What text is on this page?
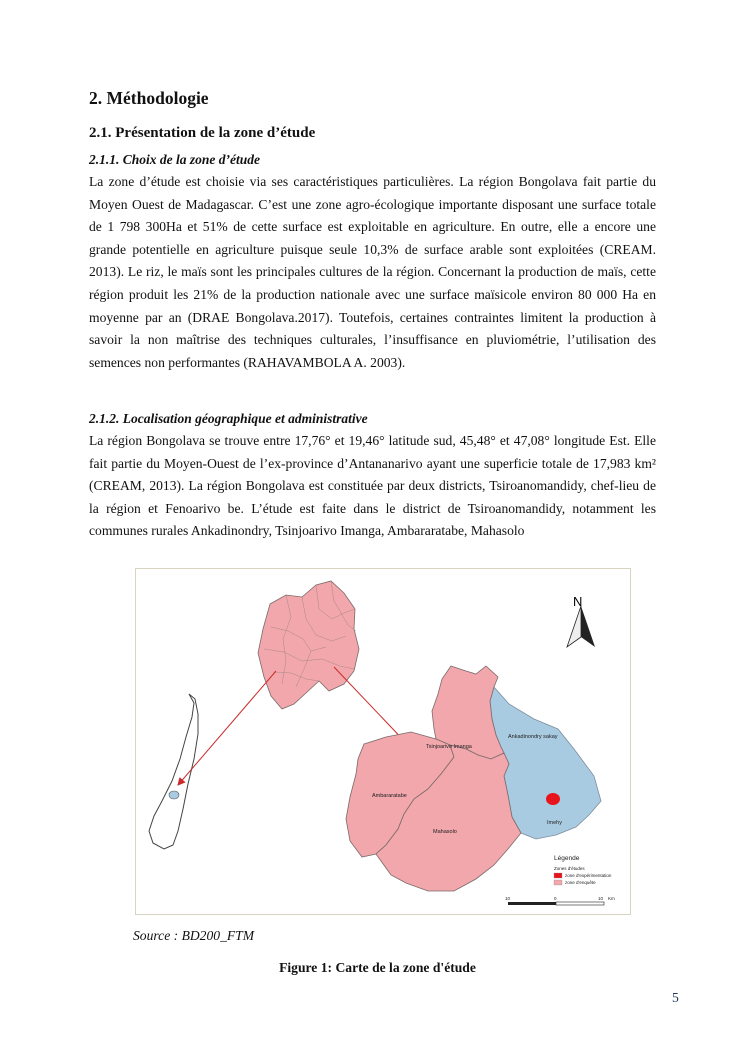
2. Méthodologie
2.1. Présentation de la zone d’étude
2.1.1. Choix de la zone d’étude

La zone d’étude est choisie via ses caractéristiques particulières. La région Bongolava fait partie du Moyen Ouest de Madagascar. C’est une zone agro-écologique importante disposant une surface totale de 1 798 300Ha et 51% de cette surface est exploitable en agriculture. En outre, elle a encore une grande potentielle en agriculture puisque seule 10,3% de surface arable sont exploitées (CREAM. 2013). Le riz, le maïs sont les principales cultures de la région. Concernant la production de maïs, cette région produit les 21% de la production nationale avec une surface maïsicole environ 80 000 Ha en moyenne par an (DRAE Bongolava.2017). Toutefois, certaines contraintes limitent la production à savoir la non maîtrise des techniques culturales, l’insuffisance en pluviométrie, l’utilisation des semences non performantes (RAHAVAMBOLA A. 2003).

2.1.2. Localisation géographique et administrative

La région Bongolava se trouve entre 17,76° et 19,46° latitude sud, 45,48° et 47,08° longitude Est. Elle fait partie du Moyen-Ouest de l’ex-province d’Antananarivo ayant une superficie totale de 17,983 km² (CREAM, 2013). La région Bongolava est constituée par deux districts, Tsiroanomandidy, chef-lieu de la région et Fenoarivo be. L’étude est faite dans le district de Tsiroanomandidy, notamment les communes rurales Ankadinondry, Tsinjoarivo Imanga, Ambararatabe, Mahasolo

N
Tsinjoarivo Imanga
Ankadinondry sakay
Ambararatabe
Mahasolo
Imehy
Légende
Zones d'études
zone d'expérimentation
zone d'enquête
10	0	10 Km
Source : BD200_FTM
Figure 1: Carte de la zone d'étude
5
